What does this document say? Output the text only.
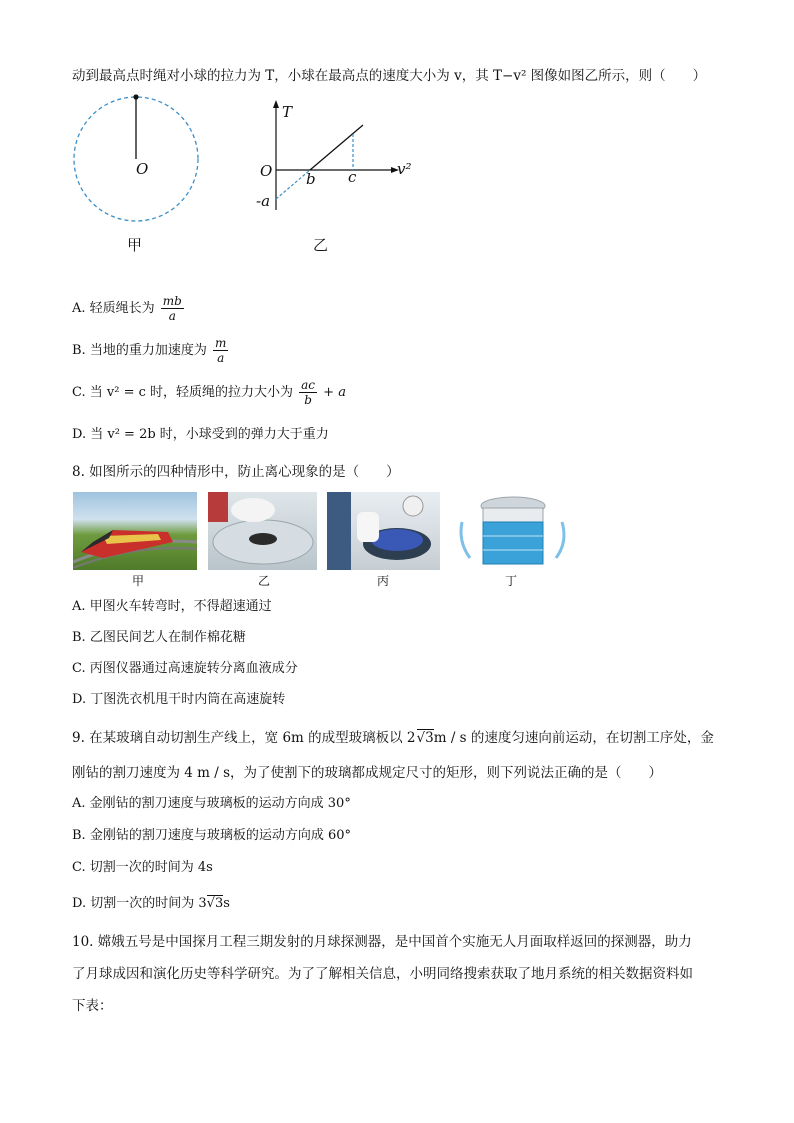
动到最高点时绳对小球的拉力为 T，小球在最高点的速度大小为 v，其 T−v² 图像如图乙所示，则（　　）
O
甲
T
v²
O b c
-a
乙
A. 轻质绳长为 $\frac{mb}{a}$
B. 当地的重力加速度为 $\frac{m}{a}$
C. 当 v² = c 时，轻质绳的拉力大小为 $\frac{ac}{b} + a$
D. 当 v² = 2b 时，小球受到的弹力大于重力
8. 如图所示的四种情形中，防止离心现象的是（　　）
甲	乙	丙	丁
A. 甲图火车转弯时，不得超速通过
B. 乙图民间艺人在制作棉花糖
C. 丙图仪器通过高速旋转分离血液成分
D. 丁图洗衣机甩干时内筒在高速旋转
9. 在某玻璃自动切割生产线上，宽 6m 的成型玻璃板以 2√3m / s 的速度匀速向前运动，在切割工序处，金
刚钻的割刀速度为 4 m / s，为了使割下的玻璃都成规定尺寸的矩形，则下列说法正确的是（　　）
A. 金刚钻的割刀速度与玻璃板的运动方向成 30°
B. 金刚钻的割刀速度与玻璃板的运动方向成 60°
C. 切割一次的时间为 4s
D. 切割一次的时间为 3√3s
10. 嫦娥五号是中国探月工程三期发射的月球探测器，是中国首个实施无人月面取样返回的探测器，助力
了月球成因和演化历史等科学研究。为了了解相关信息，小明同络搜索获取了地月系统的相关数据资料如
下表：
